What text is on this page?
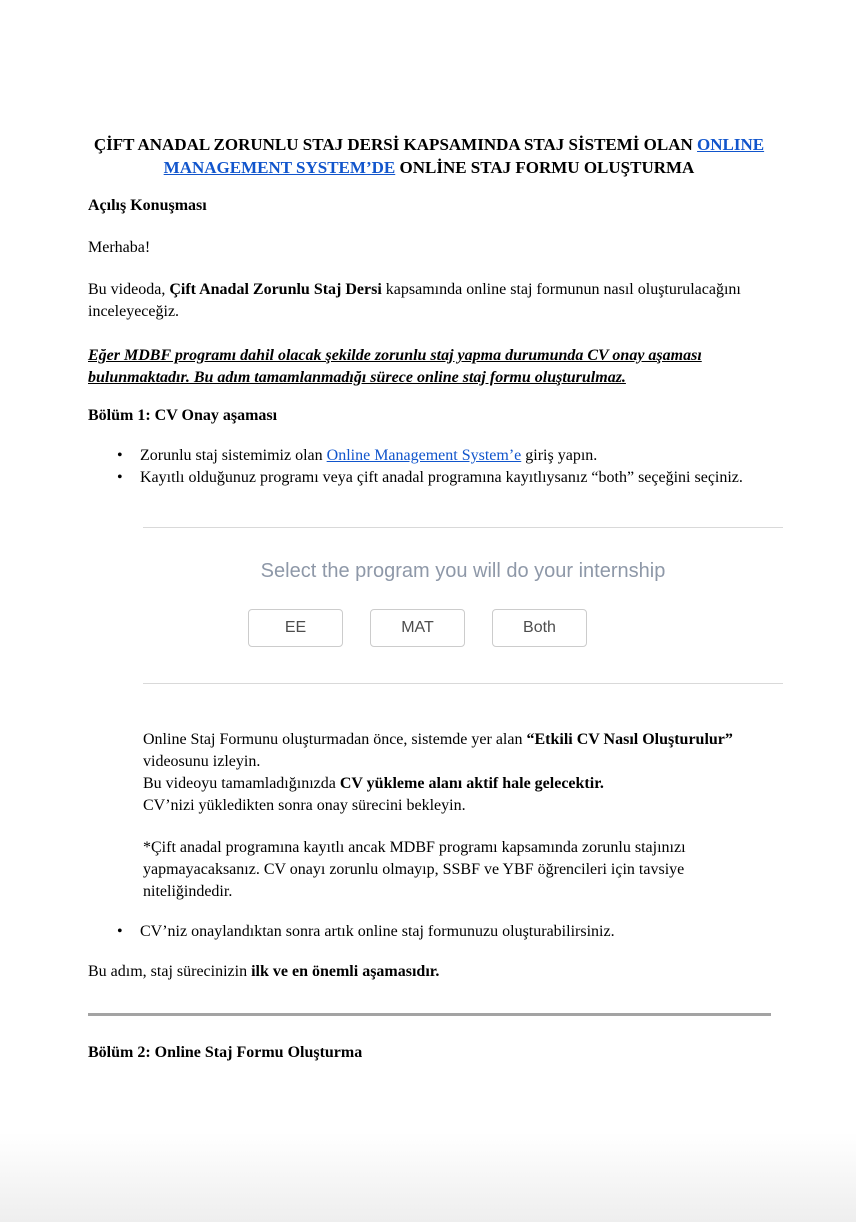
ÇİFT ANADAL ZORUNLU STAJ DERSİ KAPSAMINDA STAJ SİSTEMİ OLAN ONLINE MANAGEMENT SYSTEM’DE ONLİNE STAJ FORMU OLUŞTURMA
Açılış Konuşması

Merhaba!

Bu videoda, Çift Anadal Zorunlu Staj Dersi kapsamında online staj formunun nasıl oluşturulacağını inceleyeceğiz.

Eğer MDBF programı dahil olacak şekilde zorunlu staj yapma durumunda CV onay aşaması bulunmaktadır. Bu adım tamamlanmadığı sürece online staj formu oluşturulmaz.

Bölüm 1: CV Onay aşaması
•	Zorunlu staj sistemimiz olan Online Management System’e giriş yapın.
•	Kayıtlı olduğunuz programı veya çift anadal programına kayıtlıysanız “both” seçeğini seçiniz.

Select the program you will do your internship

EE	MAT	Both
Online Staj Formunu oluşturmadan önce, sistemde yer alan “Etkili CV Nasıl Oluşturulur” videosunu izleyin.
Bu videoyu tamamladığınızda CV yükleme alanı aktif hale gelecektir.
CV’nizi yükledikten sonra onay sürecini bekleyin.
*Çift anadal programına kayıtlı ancak MDBF programı kapsamında zorunlu stajınızı yapmayacaksanız. CV onayı zorunlu olmayıp, SSBF ve YBF öğrencileri için tavsiye niteliğindedir.
•	CV’niz onaylandıktan sonra artık online staj formunuzu oluşturabilirsiniz.

Bu adım, staj sürecinizin ilk ve en önemli aşamasıdır.

Bölüm 2: Online Staj Formu Oluşturma
